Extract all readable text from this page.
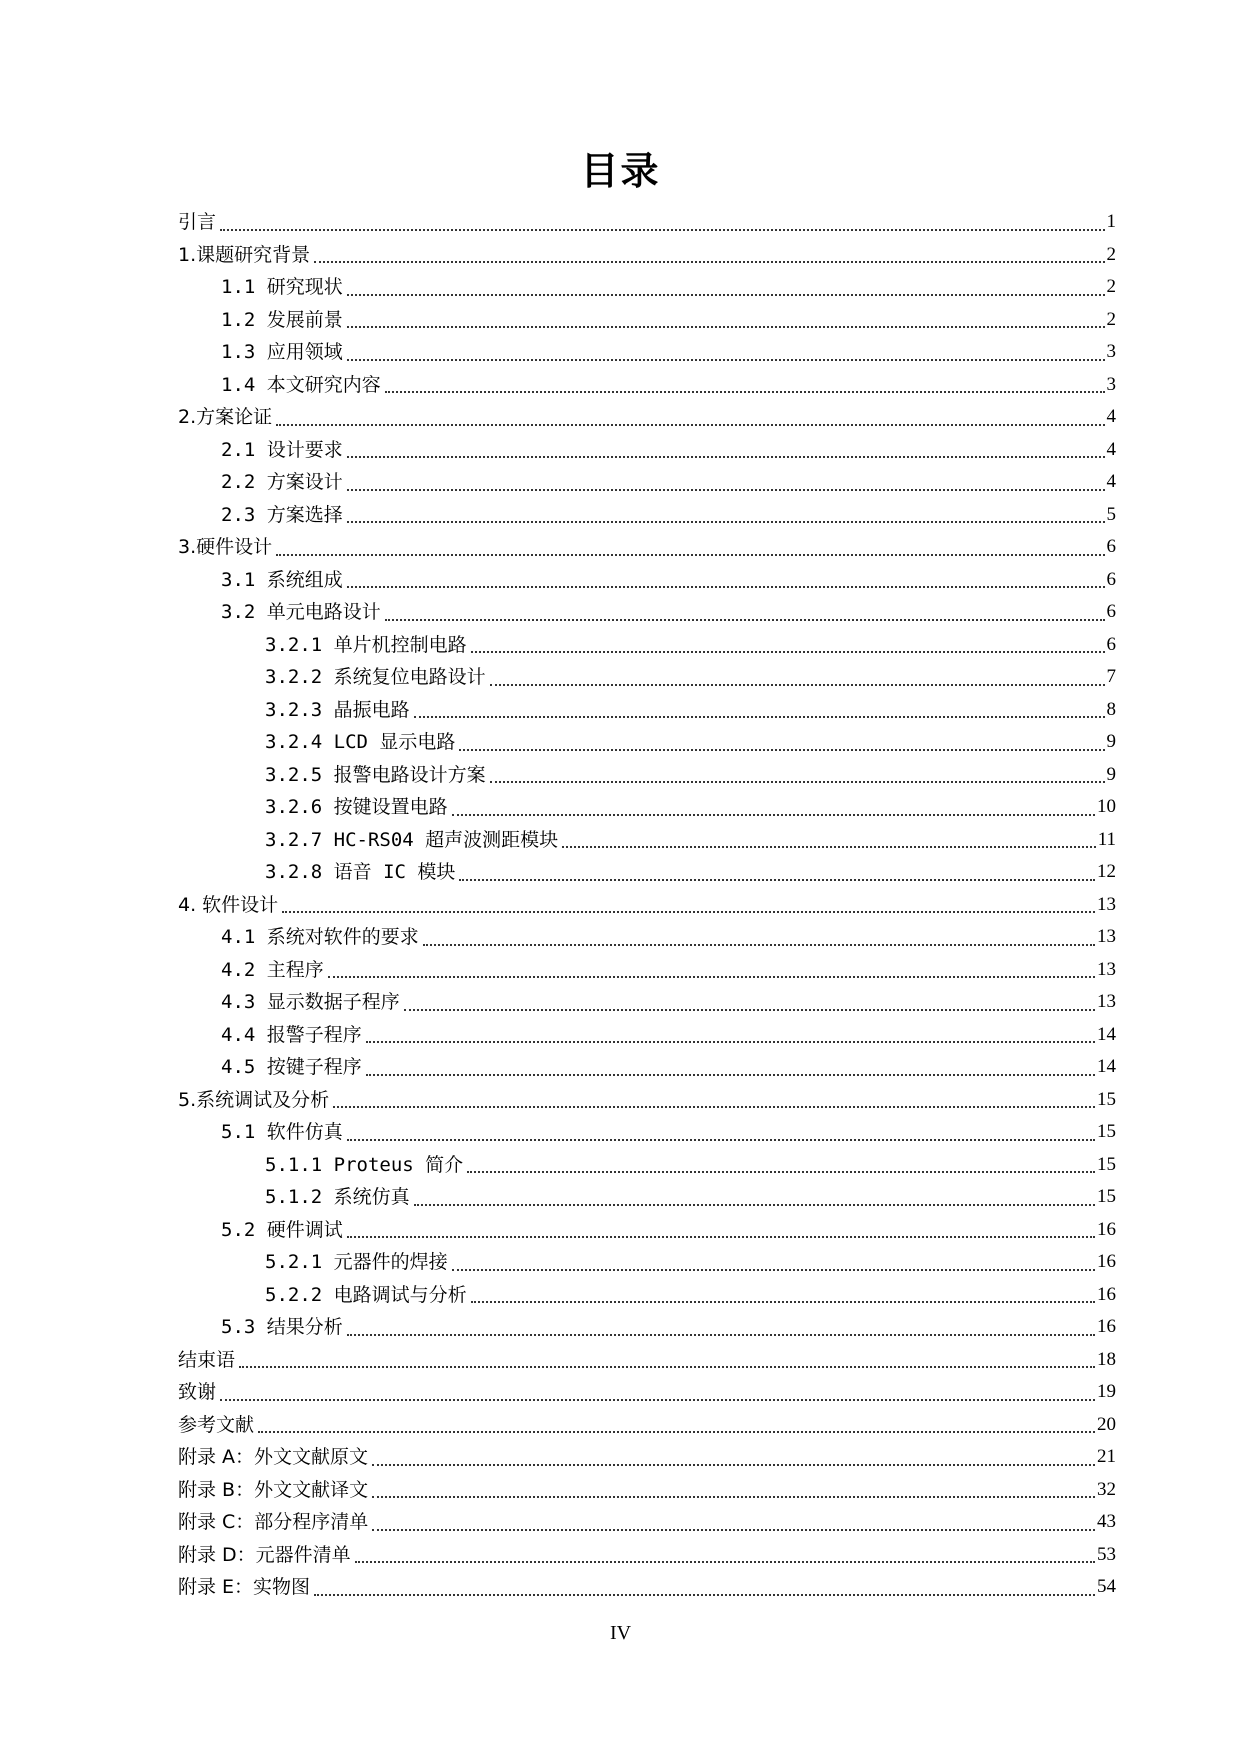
目录
引言	1
1.课题研究背景	2
1.1 研究现状	2
1.2 发展前景	2
1.3 应用领域	3
1.4 本文研究内容	3
2.方案论证	4
2.1 设计要求	4
2.2 方案设计	4
2.3 方案选择	5
3.硬件设计	6
3.1 系统组成	6
3.2 单元电路设计	6
3.2.1 单片机控制电路	6
3.2.2 系统复位电路设计	7
3.2.3 晶振电路	8
3.2.4 LCD 显示电路	9
3.2.5 报警电路设计方案	9
3.2.6 按键设置电路	10
3.2.7 HC-RS04 超声波测距模块	11
3.2.8 语音 IC 模块	12
4. 软件设计	13
4.1 系统对软件的要求	13
4.2 主程序	13
4.3 显示数据子程序	13
4.4 报警子程序	14
4.5 按键子程序	14
5.系统调试及分析	15
5.1 软件仿真	15
5.1.1 Proteus 简介	15
5.1.2 系统仿真	15
5.2 硬件调试	16
5.2.1 元器件的焊接	16
5.2.2 电路调试与分析	16
5.3 结果分析	16
结束语	18
致谢	19
参考文献	20
附录 A：外文文献原文	21
附录 B：外文文献译文	32
附录 C：部分程序清单	43
附录 D：元器件清单	53
附录 E：实物图	54
IV
